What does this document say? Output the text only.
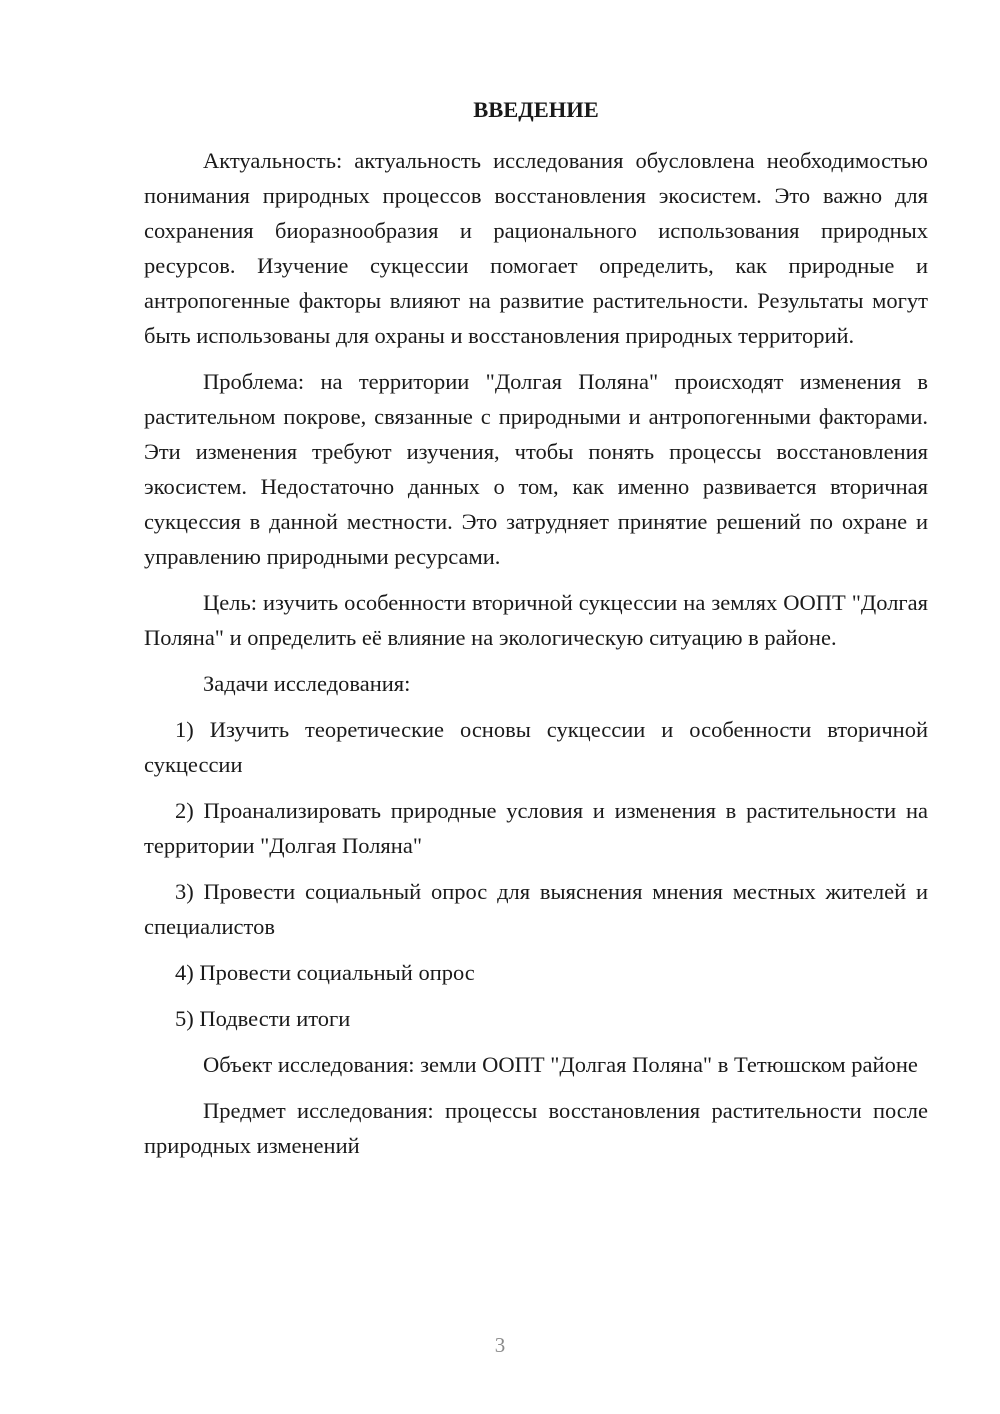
ВВЕДЕНИЕ

Актуальность: актуальность исследования обусловлена необходимостью понимания природных процессов восстановления экосистем. Это важно для сохранения биоразнообразия и рационального использования природных ресурсов. Изучение сукцессии помогает определить, как природные и антропогенные факторы влияют на развитие растительности. Результаты могут быть использованы для охраны и восстановления природных территорий.

Проблема: на территории "Долгая Поляна" происходят изменения в растительном покрове, связанные с природными и антропогенными факторами. Эти изменения требуют изучения, чтобы понять процессы восстановления экосистем. Недостаточно данных о том, как именно развивается вторичная сукцессия в данной местности. Это затрудняет принятие решений по охране и управлению природными ресурсами.

Цель: изучить особенности вторичной сукцессии на землях ООПТ "Долгая Поляна" и определить её влияние на экологическую ситуацию в районе.

Задачи исследования:

1) Изучить теоретические основы сукцессии и особенности вторичной сукцессии

2) Проанализировать природные условия и изменения в растительности на территории "Долгая Поляна"

3) Провести социальный опрос для выяснения мнения местных жителей и специалистов

4) Провести социальный опрос

5) Подвести итоги

Объект исследования: земли ООПТ "Долгая Поляна" в Тетюшском районе

Предмет исследования: процессы восстановления растительности после природных изменений

3
